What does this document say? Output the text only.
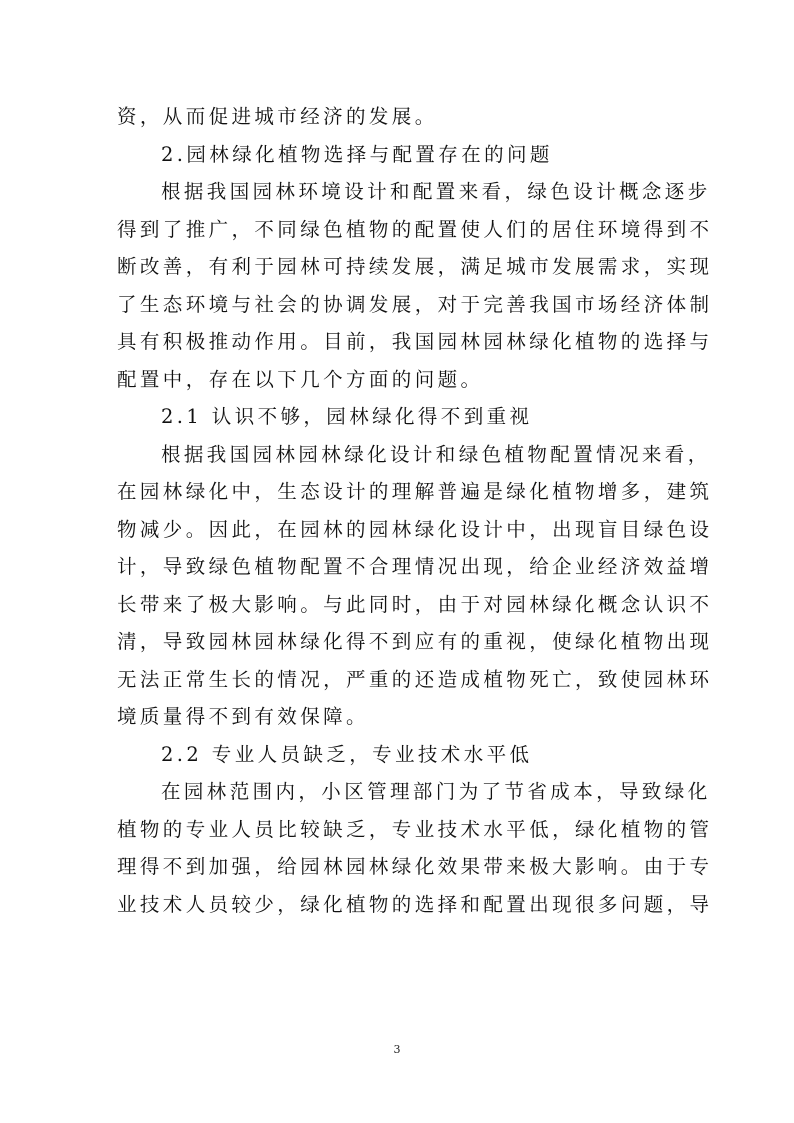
资，从而促进城市经济的发展。
2.园林绿化植物选择与配置存在的问题
根据我国园林环境设计和配置来看，绿色设计概念逐步
得到了推广，不同绿色植物的配置使人们的居住环境得到不
断改善，有利于园林可持续发展，满足城市发展需求，实现
了生态环境与社会的协调发展，对于完善我国市场经济体制
具有积极推动作用。目前，我国园林园林绿化植物的选择与
配置中，存在以下几个方面的问题。
2.1 认识不够，园林绿化得不到重视
根据我国园林园林绿化设计和绿色植物配置情况来看，
在园林绿化中，生态设计的理解普遍是绿化植物增多，建筑
物减少。因此，在园林的园林绿化设计中，出现盲目绿色设
计，导致绿色植物配置不合理情况出现，给企业经济效益增
长带来了极大影响。与此同时，由于对园林绿化概念认识不
清，导致园林园林绿化得不到应有的重视，使绿化植物出现
无法正常生长的情况，严重的还造成植物死亡，致使园林环
境质量得不到有效保障。
2.2 专业人员缺乏，专业技术水平低
在园林范围内，小区管理部门为了节省成本，导致绿化
植物的专业人员比较缺乏，专业技术水平低，绿化植物的管
理得不到加强，给园林园林绿化效果带来极大影响。由于专
业技术人员较少，绿化植物的选择和配置出现很多问题，导
3
